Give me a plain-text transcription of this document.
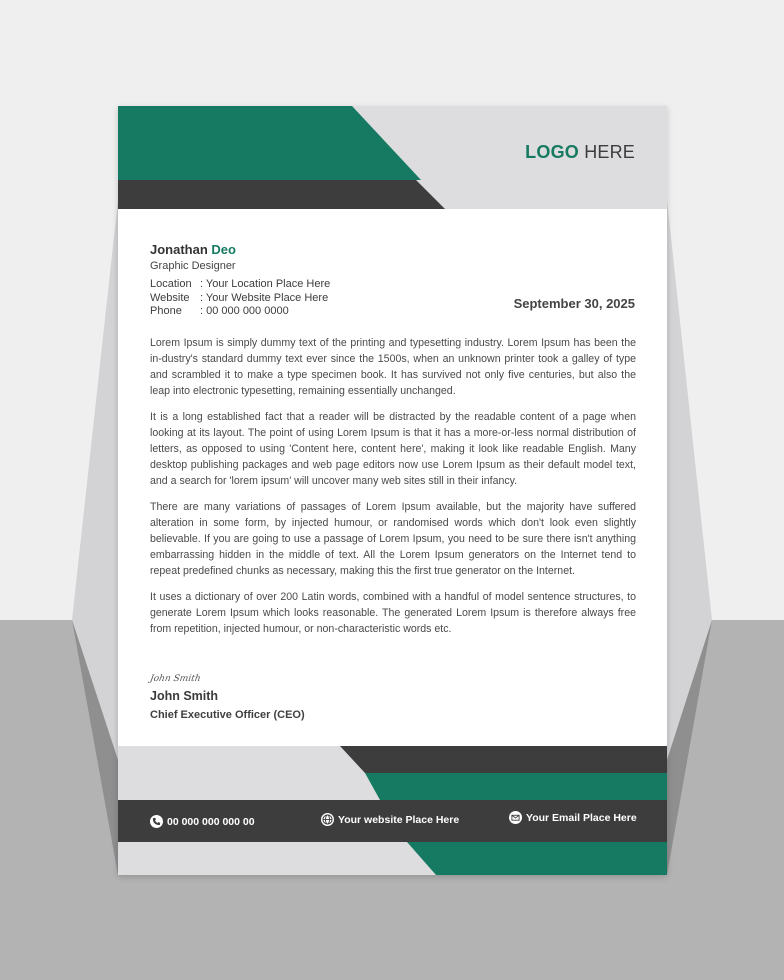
LOGO HERE
Jonathan Deo
Graphic Designer
Location : Your Location Place Here
Website : Your Website Place Here
Phone	: 00 000 000 0000	September 30, 2025

Lorem Ipsum is simply dummy text of the printing and typesetting industry. Lorem Ipsum has been the in-dustry's standard dummy text ever since the 1500s, when an unknown printer took a galley of type and scrambled it to make a type specimen book. It has survived not only five centuries, but also the leap into electronic typesetting, remaining essentially unchanged.

It is a long established fact that a reader will be distracted by the readable content of a page when looking at its layout. The point of using Lorem Ipsum is that it has a more-or-less normal distribution of letters, as opposed to using 'Content here, content here', making it look like readable English. Many desktop publishing packages and web page editors now use Lorem Ipsum as their default model text, and a search for 'lorem ipsum' will uncover many web sites still in their infancy.

There are many variations of passages of Lorem Ipsum available, but the majority have suffered alteration in some form, by injected humour, or randomised words which don't look even slightly believable. If you are going to use a passage of Lorem Ipsum, you need to be sure there isn't anything embarrassing hidden in the middle of text. All the Lorem Ipsum generators on the Internet tend to repeat predefined chunks as necessary, making this the first true generator on the Internet.

It uses a dictionary of over 200 Latin words, combined with a handful of model sentence structures, to generate Lorem Ipsum which looks reasonable. The generated Lorem Ipsum is therefore always free from repetition, injected humour, or non-characteristic words etc.

John Smith
John Smith
Chief Executive Officer (CEO)
00 000 000 000 00	Your website Place Here	Your Email Place Here
